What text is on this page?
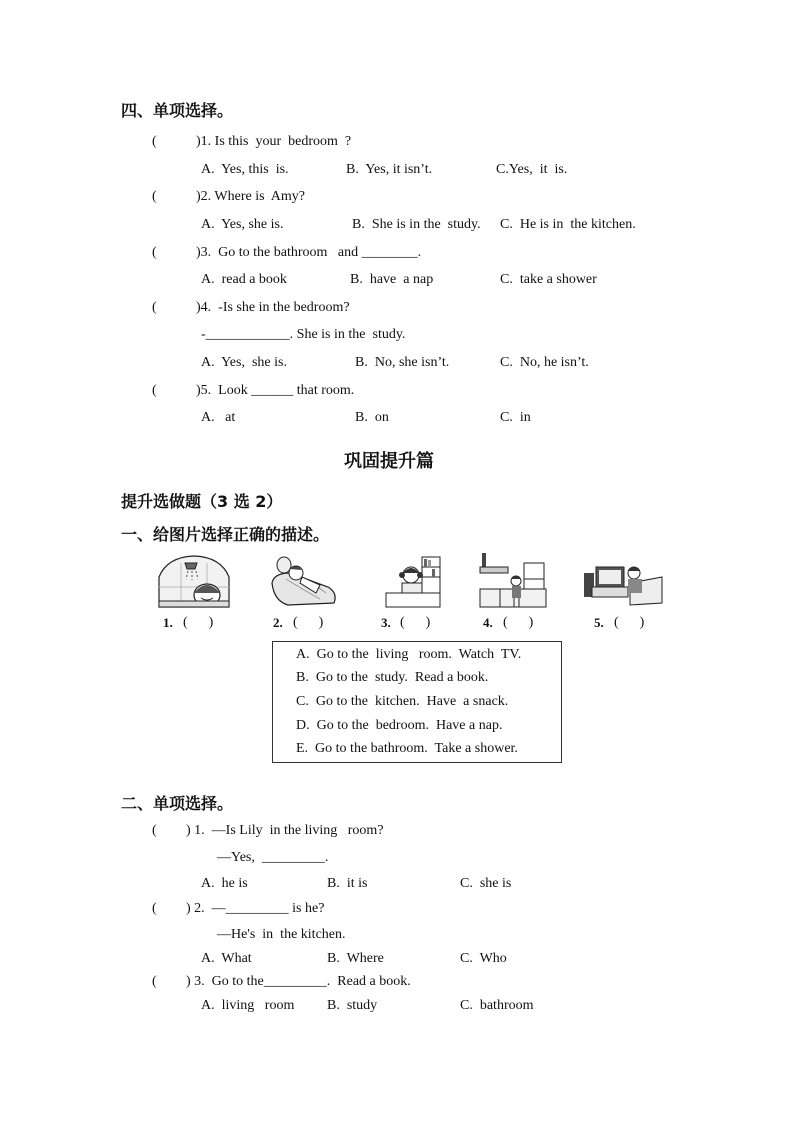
四、单项选择。
(	)1. Is this  your  bedroom  ?
A.  Yes, this  is.	B.  Yes, it isn’t.	C.Yes,  it  is.
(	)2. Where is  Amy?
A.  Yes, she is.	B.  She is in the  study. C.  He is in  the kitchen.
(	)3.  Go to the bathroom   and ________.
A.  read a book	B.  have  a nap	C.  take a shower
(	)4.  -Is she in the bedroom?
-____________. She is in the  study.
A.  Yes,  she is.	B.  No, she isn’t.	C.  No, he isn’t.
(	)5.  Look ______ that room.
A.   at	B.  on	C.  in
巩固提升篇
提升选做题（3 选 2）
一、给图片选择正确的描述。
1. (      )	2. (      )	3. (      )	4. (      )	5. (      )
A.  Go to the  living   room.  Watch  TV.
B.  Go to the  study.  Read a book.
C.  Go to the  kitchen.  Have  a snack.
D.  Go to the  bedroom.  Have a nap.
E.  Go to the bathroom.  Take a shower.
二、单项选择。
( ) 1.  —Is Lily  in the living   room?
—Yes,  _________.
A.  he is	B.  it is	C.  she is
( ) 2.  —_________ is he?
—He's  in  the kitchen.
A.  What	B.  Where	C.  Who
( ) 3.  Go to the_________.  Read a book.
A.  living   room B.  study	C.  bathroom
